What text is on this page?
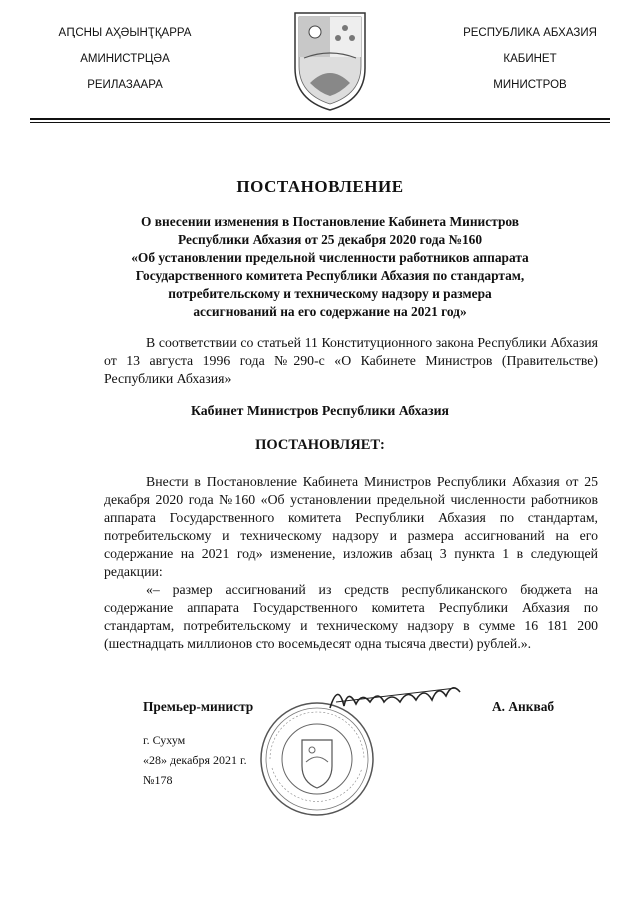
АԤСНЫ АҲӘЫНҬҚАРРА
АМИНИСТРЦӘА
РЕИЛАЗААРА
РЕСПУБЛИКА АБХАЗИЯ
КАБИНЕТ
МИНИСТРОВ
ПОСТАНОВЛЕНИЕ
О внесении изменения в Постановление Кабинета Министров
Республики Абхазия от 25 декабря 2020 года №160
«Об установлении предельной численности работников аппарата
Государственного комитета Республики Абхазия по стандартам,
потребительскому и техническому надзору и размера
ассигнований на его содержание на 2021 год»
В соответствии со статьей 11 Конституционного закона Республики Абхазия от 13 августа 1996 года №290-с «О Кабинете Министров (Правительстве) Республики Абхазия»
Кабинет Министров Республики Абхазия
ПОСТАНОВЛЯЕТ:
Внести в Постановление Кабинета Министров Республики Абхазия от 25 декабря 2020 года №160 «Об установлении предельной численности работников аппарата Государственного комитета Республики Абхазия по стандартам, потребительскому и техническому надзору и размера ассигнований на его содержание на 2021 год» изменение, изложив абзац 3 пункта 1 в следующей редакции:
«– размер ассигнований из средств республиканского бюджета на содержание аппарата Государственного комитета Республики Абхазия по стандартам, потребительскому и техническому надзору в сумме 16 181 200 (шестнадцать миллионов сто восемьдесят одна тысяча двести) рублей.».
Премьер-министр	А. Анкваб
г. Сухум
«28» декабря 2021 г.
№178
